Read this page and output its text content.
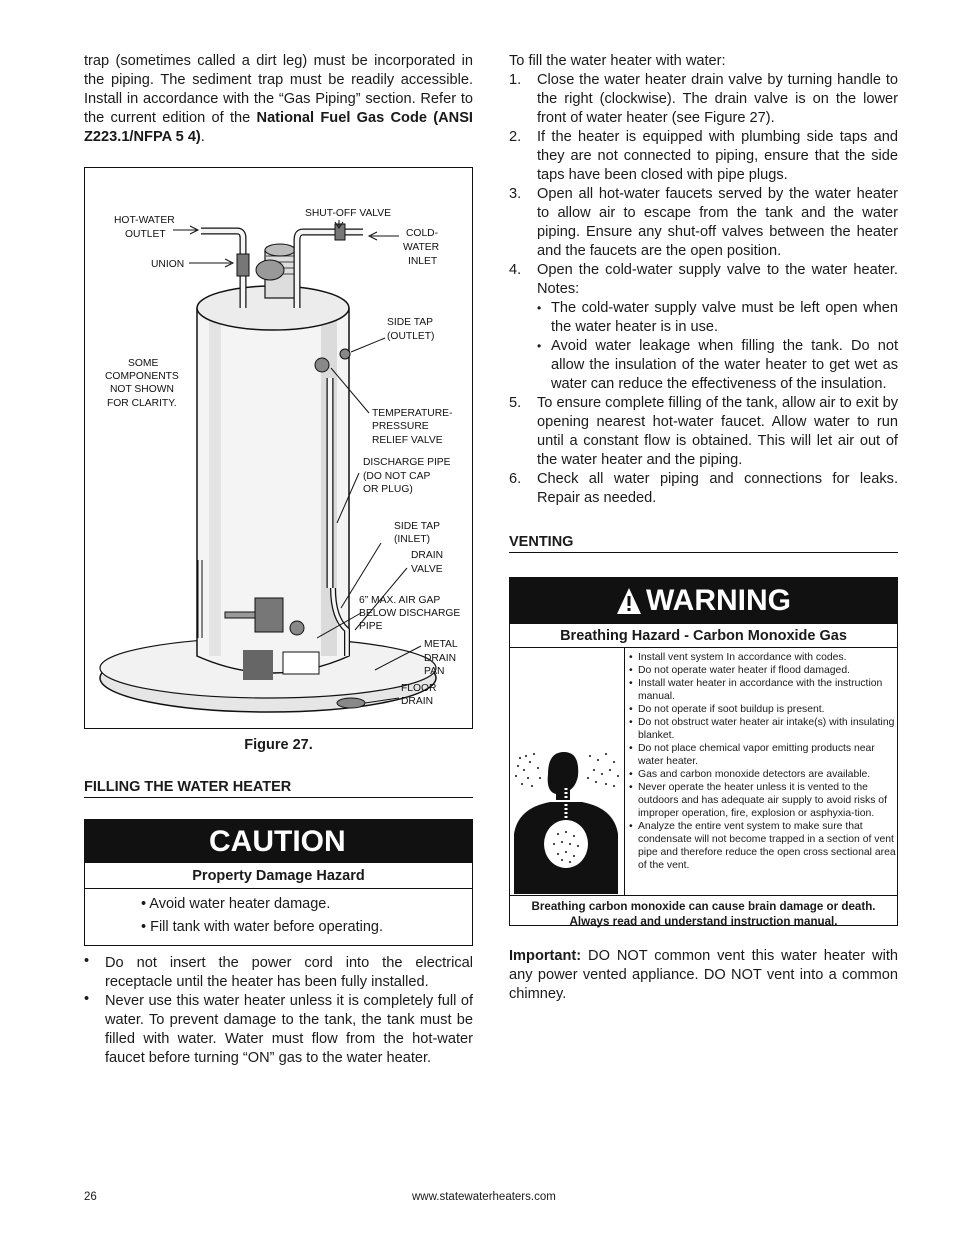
trap (sometimes called a dirt leg) must be incorporated in the piping. The sediment trap must be readily accessible. Install in accordance with the “Gas Piping” section. Refer to the current edition of the National Fuel Gas Code (ANSI Z223.1/NFPA 5 4).

HOT-WATER
OUTLET
UNION
SHUT-OFF VALVE
COLD-
WATER
INLET
SIDE TAP
(OUTLET)
SOME
COMPONENTS
NOT SHOWN
FOR CLARITY.
TEMPERATURE-
PRESSURE
RELIEF VALVE
DISCHARGE PIPE
(DO NOT CAP
OR PLUG)
SIDE TAP
(INLET)
DRAIN
VALVE
6” MAX. AIR GAP
BELOW DISCHARGE
PIPE
METAL
DRAIN
PAN
FLOOR
DRAIN
Figure 27.
FILLING THE WATER HEATER
CAUTION
Property Damage Hazard
• Avoid water heater damage.
• Fill tank with water before operating.
• Do not insert the power cord into the electrical receptacle until the heater has been fully installed.
• Never use this water heater unless it is completely full of water. To prevent damage to the tank, the tank must be filled with water. Water must flow from the hot-water faucet before turning “ON” gas to the water heater.

To fill the water heater with water:

1. Close the water heater drain valve by turning handle to the right (clockwise). The drain valve is on the lower front of water heater (see Figure 27).
2. If the heater is equipped with plumbing side taps and they are not connected to piping, ensure that the side taps have been closed with pipe plugs.
3. Open all hot-water faucets served by the water heater to allow air to escape from the tank and the water piping. Ensure any shut-off valves between the heater and the faucets are the open position.
4. Open the cold-water supply valve to the water heater. Notes:
• The cold-water supply valve must be left open when the water heater is in use.
• Avoid water leakage when filling the tank. Do not allow the insulation of the water heater to get wet as water can reduce the effectiveness of the insulation.
5. To ensure complete filling of the tank, allow air to exit by opening nearest hot-water faucet. Allow water to run until a constant flow is obtained. This will let air out of the water heater and the piping.
6. Check all water piping and connections for leaks. Repair as needed.
VENTING
WARNING
Breathing Hazard - Carbon Monoxide Gas
• Install vent system In accordance with codes.
• Do not operate water heater if flood damaged.
• Install water heater in accordance with the instruction manual.
• Do not operate if soot buildup is present.
• Do not obstruct water heater air intake(s) with insulating blanket.
• Do not place chemical vapor emitting products near water heater.
• Gas and carbon monoxide detectors are available.
• Never operate the heater unless it is vented to the outdoors and has adequate air supply to avoid risks of improper operation, fire, explosion or asphyxia-tion.
• Analyze the entire vent system to make sure that condensate will not become trapped in a section of vent pipe and therefore reduce the open cross sectional area of the vent.
Breathing carbon monoxide can cause brain damage or death.
Always read and understand instruction manual.

Important: DO NOT common vent this water heater with any power vented appliance. DO NOT vent into a common chimney.

26	www.statewaterheaters.com
